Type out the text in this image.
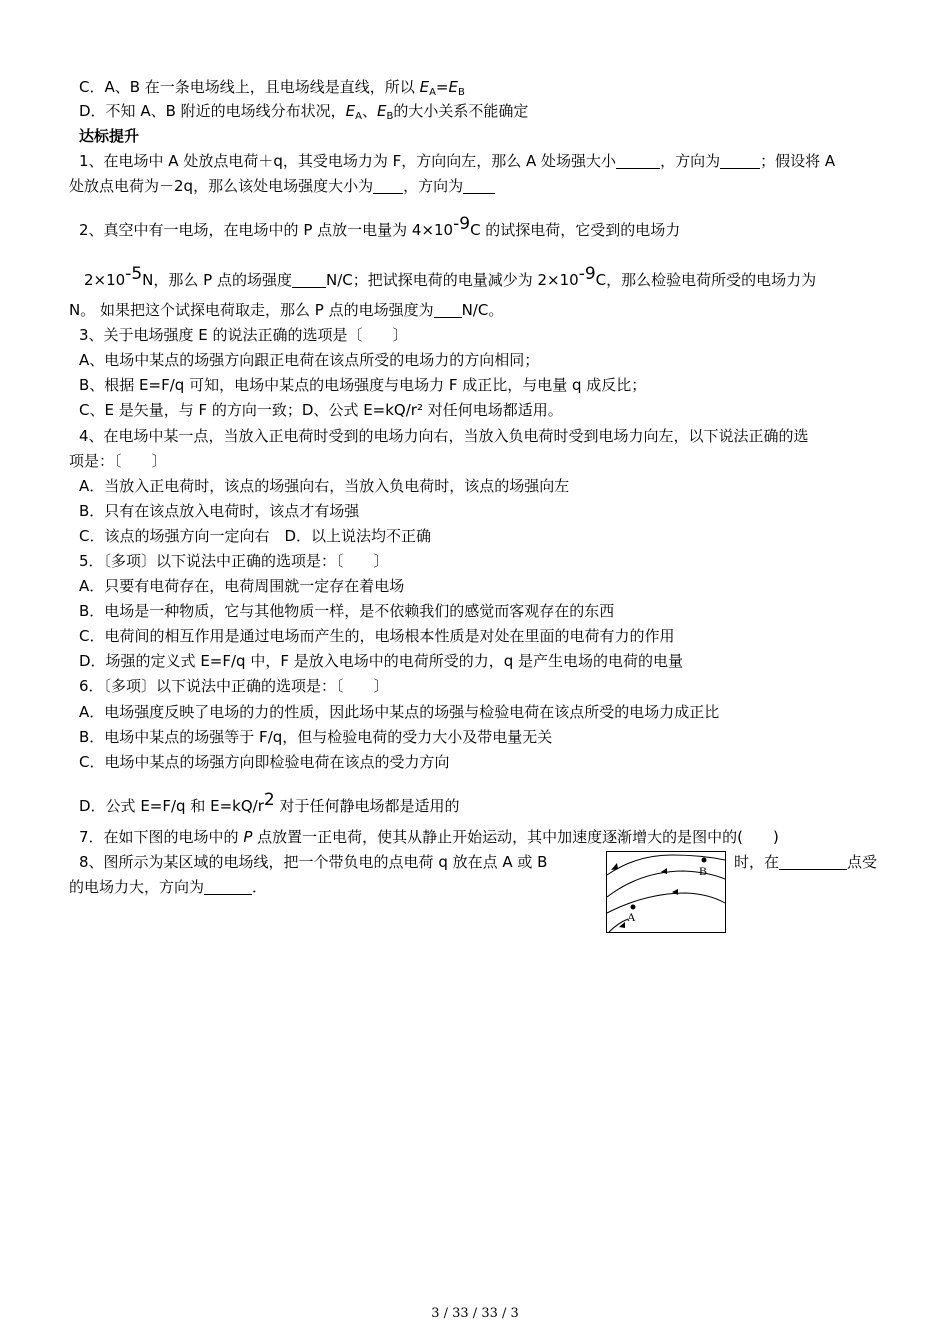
C．A、B 在一条电场线上，且电场线是直线，所以 $E_A=E_B$
D．不知 A、B 附近的电场线分布状况，$E_A$、$E_B$的大小关系不能确定
达标提升
1、在电场中 A 处放点电荷＋q，其受电场力为 F，方向向左，那么 A 处场强大小	，方向为	；假设将 A
处放点电荷为－2q，那么该处电场强度大小为 ，方向为
2、真空中有一电场，在电场中的 P 点放一电量为 4×10-9C 的试探电荷，它受到的电场力
2×10-5N，那么 P 点的场强度 N/C；把试探电荷的电量减少为 2×10-9C，那么检验电荷所受的电场力为
N。 如果把这个试探电荷取走，那么 P 点的电场强度为 N/C。
3、关于电场强度 E 的说法正确的选项是〔　　〕
A、电场中某点的场强方向跟正电荷在该点所受的电场力的方向相同；
B、根据 E=F/q 可知，电场中某点的电场强度与电场力 F 成正比，与电量 q 成反比；
C、E 是矢量，与 F 的方向一致；D、公式 E=kQ/r² 对任何电场都适用。
4、在电场中某一点，当放入正电荷时受到的电场力向右，当放入负电荷时受到电场力向左，以下说法正确的选
项是：〔　　〕
A．当放入正电荷时，该点的场强向右，当放入负电荷时，该点的场强向左
B．只有在该点放入电荷时，该点才有场强
C．该点的场强方向一定向右　D．以上说法均不正确
5．〔多项〕以下说法中正确的选项是：〔　　〕
A．只要有电荷存在，电荷周围就一定存在着电场
B．电场是一种物质，它与其他物质一样，是不依赖我们的感觉而客观存在的东西
C．电荷间的相互作用是通过电场而产生的，电场根本性质是对处在里面的电荷有力的作用
D．场强的定义式 E=F/q 中，F 是放入电场中的电荷所受的力，q 是产生电场的电荷的电量
6．〔多项〕以下说法中正确的选项是：〔　　〕
A．电场强度反映了电场的力的性质，因此场中某点的场强与检验电荷在该点所受的电场力成正比
B．电场中某点的场强等于 F/q，但与检验电荷的受力大小及带电量无关
C．电场中某点的场强方向即检验电荷在该点的受力方向
D．公式 E=F/q 和 E=kQ/r2 对于任何静电场都是适用的
7．在如下图的电场中的 P 点放置一正电荷，使其从静止开始运动，其中加速度逐渐增大的是图中的(　　)
8、图所示为某区域的电场线，把一个带负电的点电荷 q 放在点 A 或 B	时，在	点受
的电场力大，方向为	．
A
B
3 / 33 / 33 / 3
